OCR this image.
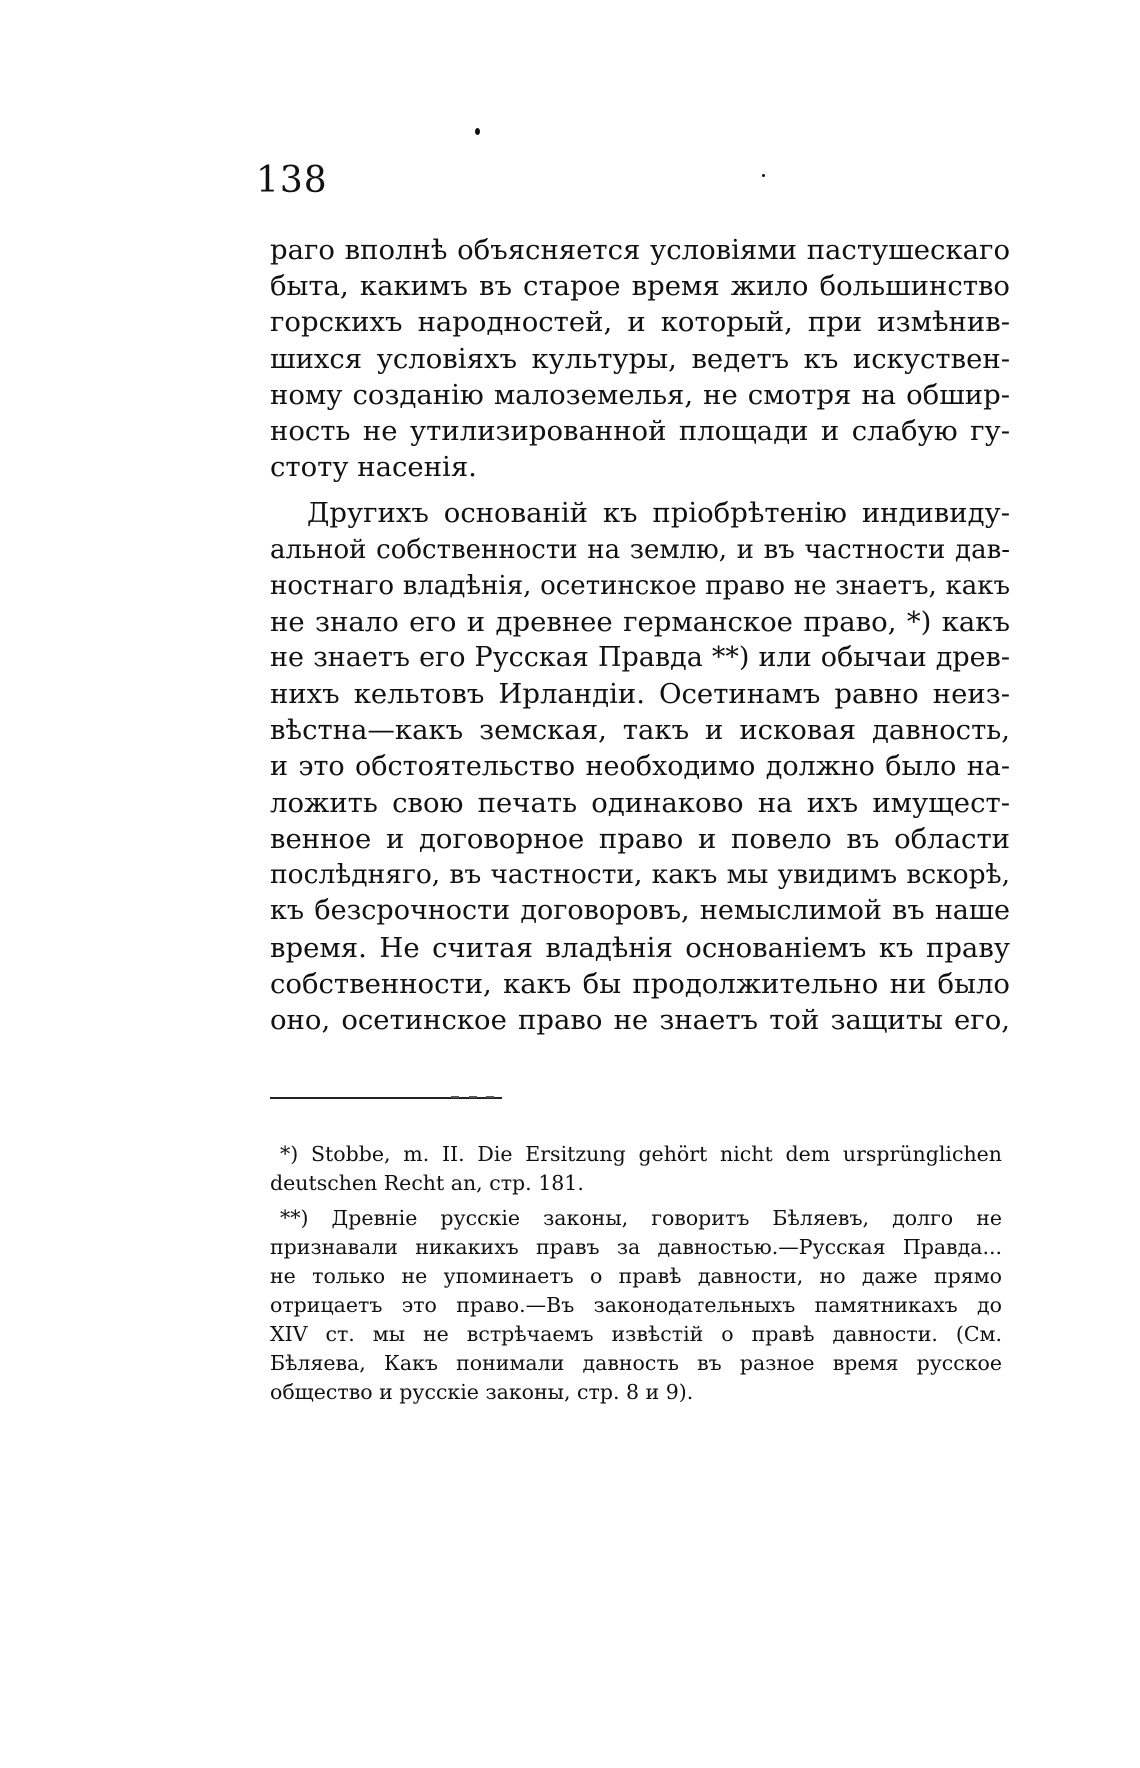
138
раго вполнѣ объясняется условіями пастушескаго
быта, какимъ въ старое время жило большинство
горскихъ народностей, и который, при измѣнив-
шихся условіяхъ культуры, ведетъ къ искуствен-
ному созданію малоземелья, не смотря на обшир-
ность не утилизированной площади и слабую гу-
стоту насенія.
Другихъ основаній къ пріобрѣтенію индивиду-
альной собственности на землю, и въ частности дав-
ностнаго владѣнія, осетинское право не знаетъ, какъ
не знало его и древнее германское право, *) какъ
не знаетъ его Русская Правда **) или обычаи древ-
нихъ кельтовъ Ирландіи. Осетинамъ равно неиз-
вѣстна—какъ земская, такъ и исковая давность,
и это обстоятельство необходимо должно было на-
ложить свою печать одинаково на ихъ имущест-
венное и договорное право и повело въ области
послѣдняго, въ частности, какъ мы увидимъ вскорѣ,
къ безсрочности договоровъ, немыслимой въ наше
время. Не считая владѣнія основаніемъ къ праву
собственности, какъ бы продолжительно ни было
оно, осетинское право не знаетъ той защиты его,
*) Stobbe, m. II. Die Ersitzung gehört nicht dem ursprünglichen
deutschen Recht an, стр. 181.
**) Древніе русскіе законы, говоритъ Бѣляевъ, долго не
признавали никакихъ правъ за давностью.—Русская Правда...
не только не упоминаетъ о правѣ давности, но даже прямо
отрицаетъ это право.—Въ законодательныхъ памятникахъ до
XIV ст. мы не встрѣчаемъ извѣстій о правѣ давности. (См.
Бѣляева, Какъ понимали давность въ разное время русское
общество и русскіе законы, стр. 8 и 9).
